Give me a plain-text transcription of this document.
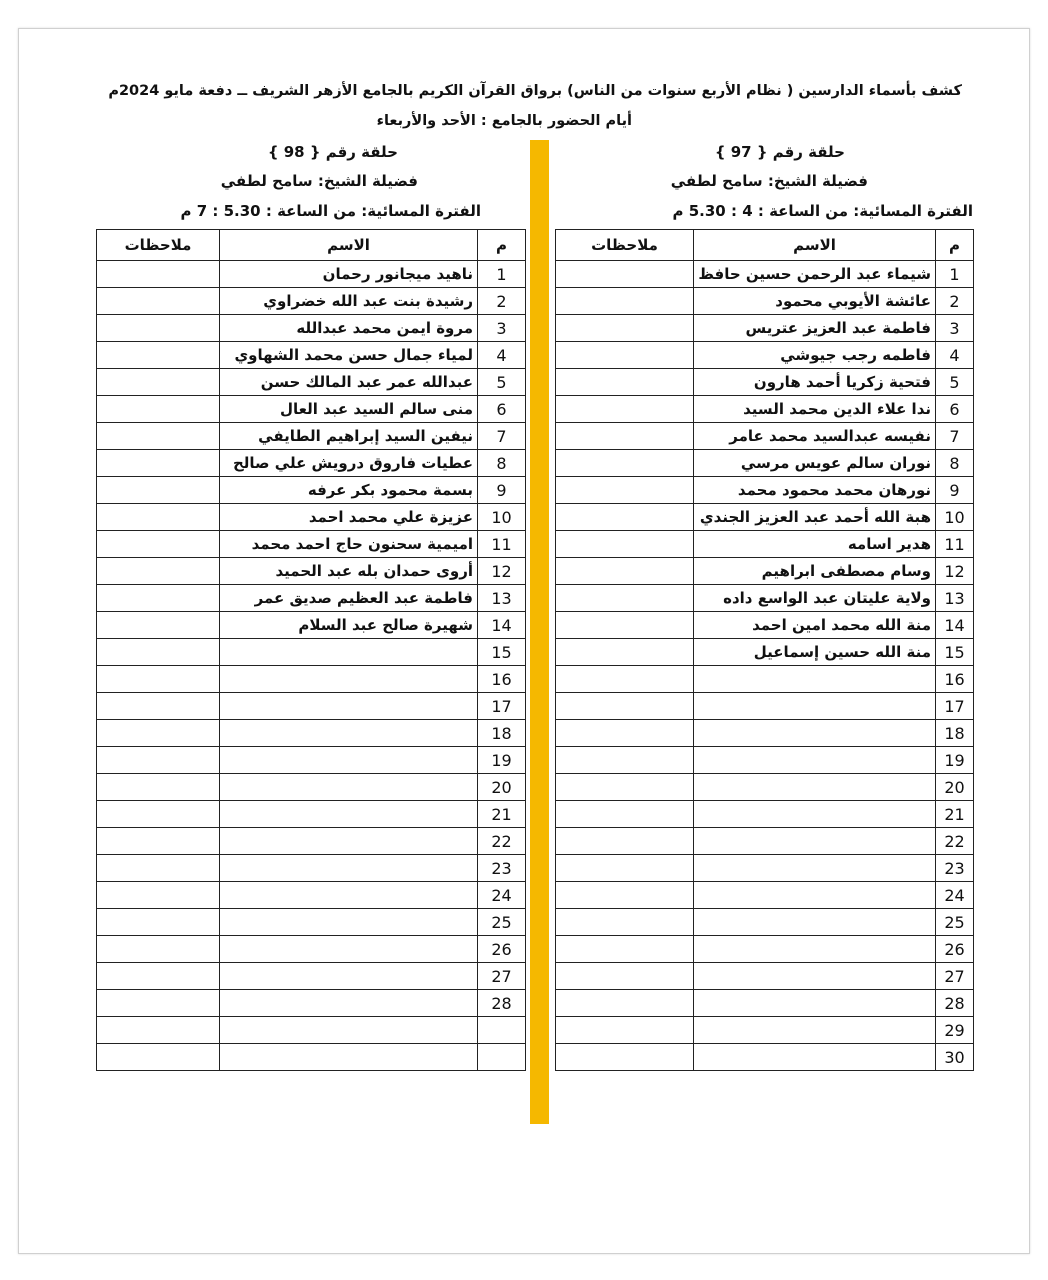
كشف بأسماء الدارسين ( نظام الأربع سنوات من الناس) برواق القرآن الكريم بالجامع الأزهر الشريف ــ دفعة مايو 2024م
أيام الحضور بالجامع : الأحد والأربعاء
حلقة رقم { 97 }
فضيلة الشيخ: سامح لطفي
الفترة المسائية: من الساعة : 4 : 5.30 م
حلقة رقم { 98 }
فضيلة الشيخ: سامح لطفي
الفترة المسائية: من الساعة : 5.30 : 7 م
م	الاسم	ملاحظات
1	شيماء عبد الرحمن حسين حافظ	
2	عائشة الأيوبي محمود	
3	فاطمة عبد العزيز عتريس	
4	فاطمه رجب جيوشي	
5	فتحية زكريا أحمد هارون	
6	ندا علاء الدين محمد السيد	
7	نفيسه عبدالسيد محمد عامر	
8	نوران سالم عويس مرسي	
9	نورهان محمد محمود محمد	
10	هبة الله أحمد عبد العزيز الجندي	
11	هدير اسامه	
12	وسام مصطفى ابراهيم	
13	ولاية عليتان عبد الواسع داده	
14	منة الله محمد امين احمد	
15	منة الله حسين إسماعيل	
16		
17		
18		
19		
20		
21		
22		
23		
24		
25		
26		
27		
28		
29		
30		
م	الاسم	ملاحظات
1	ناهيد ميجانور رحمان	
2	رشيدة بنت عبد الله خضراوي	
3	مروة ايمن محمد عبدالله	
4	لمياء جمال حسن محمد الشهاوي	
5	عبدالله عمر عبد المالك حسن	
6	منى سالم السيد عبد العال	
7	نيفين السيد إبراهيم الطايفي	
8	عطيات فاروق درويش علي صالح	
9	بسمة محمود بكر عرفه	
10	عزيزة علي محمد احمد	
11	اميمية سحنون حاج احمد محمد	
12	أروى حمدان بله عبد الحميد	
13	فاطمة عبد العظيم صديق عمر	
14	شهيرة صالح عبد السلام	
15		
16		
17		
18		
19		
20		
21		
22		
23		
24		
25		
26		
27		
28		
